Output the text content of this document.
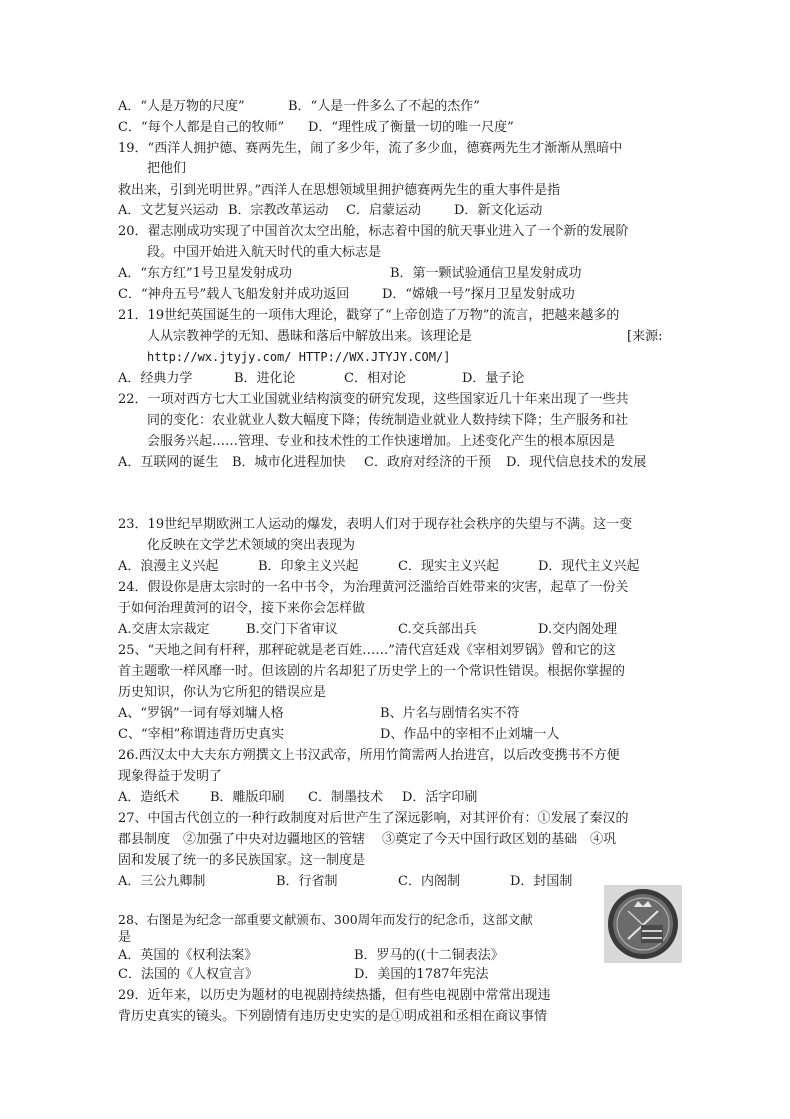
A．“人是万物的尺度”	B．“人是一件多么了不起的杰作”
C．“每个人都是自己的牧师” D．“理性成了衡量一切的唯一尺度”
19．“西洋人拥护德、赛两先生，闹了多少年，流了多少血，德赛两先生才渐渐从黑暗中
把他们
救出来，引到光明世界。”西洋人在思想领域里拥护德赛两先生的重大事件是指
A．文艺复兴运动 B．宗教改革运动 C．启蒙运动	D．新文化运动
20．翟志刚成功实现了中国首次太空出舱，标志着中国的航天事业进入了一个新的发展阶
段。中国开始进入航天时代的重大标志是
A．“东方红”1号卫星发射成功	B．第一颗试验通信卫星发射成功
C．“神舟五号”载人飞船发射并成功返回	D．“嫦娥一号”探月卫星发射成功
21．19世纪英国诞生的一项伟大理论，戳穿了“上帝创造了万物”的流言，把越来越多的
人从宗教神学的无知、愚昧和落后中解放出来。该理论是	[来源:
http://wx.jtyjy.com/ HTTP://WX.JTYJY.COM/]
A．经典力学	B．进化论	C．相对论	D．量子论
22．一项对西方七大工业国就业结构演变的研究发现，这些国家近几十年来出现了一些共
同的变化：农业就业人数大幅度下降；传统制造业就业人数持续下降；生产服务和社
会服务兴起……管理、专业和技术性的工作快速增加。上述变化产生的根本原因是
A．互联网的诞生 B．城市化进程加快 C．政府对经济的干预 D．现代信息技术的发展
23．19世纪早期欧洲工人运动的爆发，表明人们对于现存社会秩序的失望与不满。这一变
化反映在文学艺术领域的突出表现为
A．浪漫主义兴起	B．印象主义兴起	C．现实主义兴起	D．现代主义兴起
24．假设你是唐太宗时的一名中书令，为治理黄河泛滥给百姓带来的灾害，起草了一份关
于如何治理黄河的诏令，接下来你会怎样做
A.交唐太宗裁定	B.交门下省审议	C.交兵部出兵	D.交内阁处理
25、“天地之间有杆秤，那秤砣就是老百姓……”清代宫廷戏《宰相刘罗锅》曾和它的这
首主题歌一样风靡一时。但该剧的片名却犯了历史学上的一个常识性错误。根据你掌握的
历史知识，你认为它所犯的错误应是
A、“罗锅”一词有辱刘墉人格	B、片名与剧情名实不符
C、“宰相”称谓违背历史真实	D、作品中的宰相不止刘墉一人
26.西汉太中大夫东方朔撰文上书汉武帝，所用竹简需两人抬进宫，以后改变携书不方便
现象得益于发明了
A．造纸术 B．雕版印刷 C．制墨技术 D．活字印刷
27、中国古代创立的一种行政制度对后世产生了深远影响，对其评价有：①发展了秦汉的
郡县制度　②加强了中央对边疆地区的管辖　 ③奠定了今天中国行政区划的基础　④巩
固和发展了统一的多民族国家。这一制度是
A．三公九卿制	B．行省制	C．内阁制	D．封国制
28、右图是为纪念一部重要文献颁布、300周年而发行的纪念币，这部文献
是
A．英国的《权利法案》	B．罗马的((十二铜表法》
C．法国的《人权宣言》	D．美国的1787年宪法
29．近年来，以历史为题材的电视剧持续热播，但有些电视剧中常常出现违
背历史真实的镜头。下列剧情有违历史史实的是①明成祖和丞相在商议事情
